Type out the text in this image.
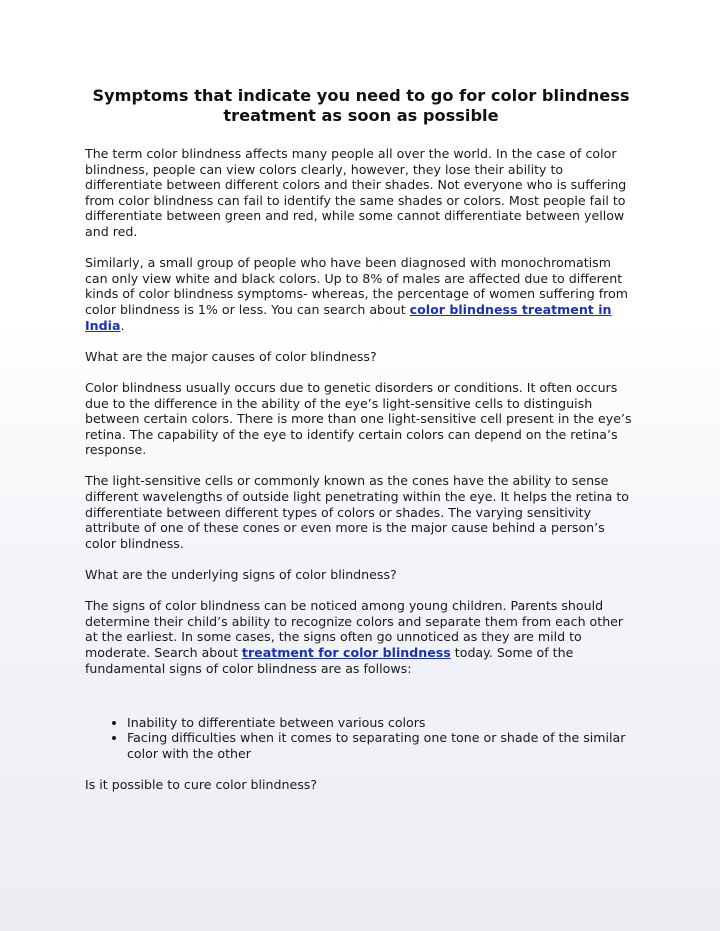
Symptoms that indicate you need to go for color blindness treatment as soon as possible

The term color blindness affects many people all over the world. In the case of color blindness, people can view colors clearly, however, they lose their ability to differentiate between different colors and their shades. Not everyone who is suffering from color blindness can fail to identify the same shades or colors. Most people fail to differentiate between green and red, while some cannot differentiate between yellow and red.

Similarly, a small group of people who have been diagnosed with monochromatism can only view white and black colors. Up to 8% of males are affected due to different kinds of color blindness symptoms- whereas, the percentage of women suffering from color blindness is 1% or less. You can search about color blindness treatment in India.

What are the major causes of color blindness?

Color blindness usually occurs due to genetic disorders or conditions. It often occurs due to the difference in the ability of the eye’s light-sensitive cells to distinguish between certain colors. There is more than one light-sensitive cell present in the eye’s retina. The capability of the eye to identify certain colors can depend on the retina’s response.

The light-sensitive cells or commonly known as the cones have the ability to sense different wavelengths of outside light penetrating within the eye. It helps the retina to differentiate between different types of colors or shades. The varying sensitivity attribute of one of these cones or even more is the major cause behind a person’s color blindness.

What are the underlying signs of color blindness?

The signs of color blindness can be noticed among young children. Parents should determine their child’s ability to recognize colors and separate them from each other at the earliest. In some cases, the signs often go unnoticed as they are mild to moderate. Search about treatment for color blindness today. Some of the fundamental signs of color blindness are as follows:

• Inability to differentiate between various colors
• Facing difficulties when it comes to separating one tone or shade of the similar color with the other

Is it possible to cure color blindness?
